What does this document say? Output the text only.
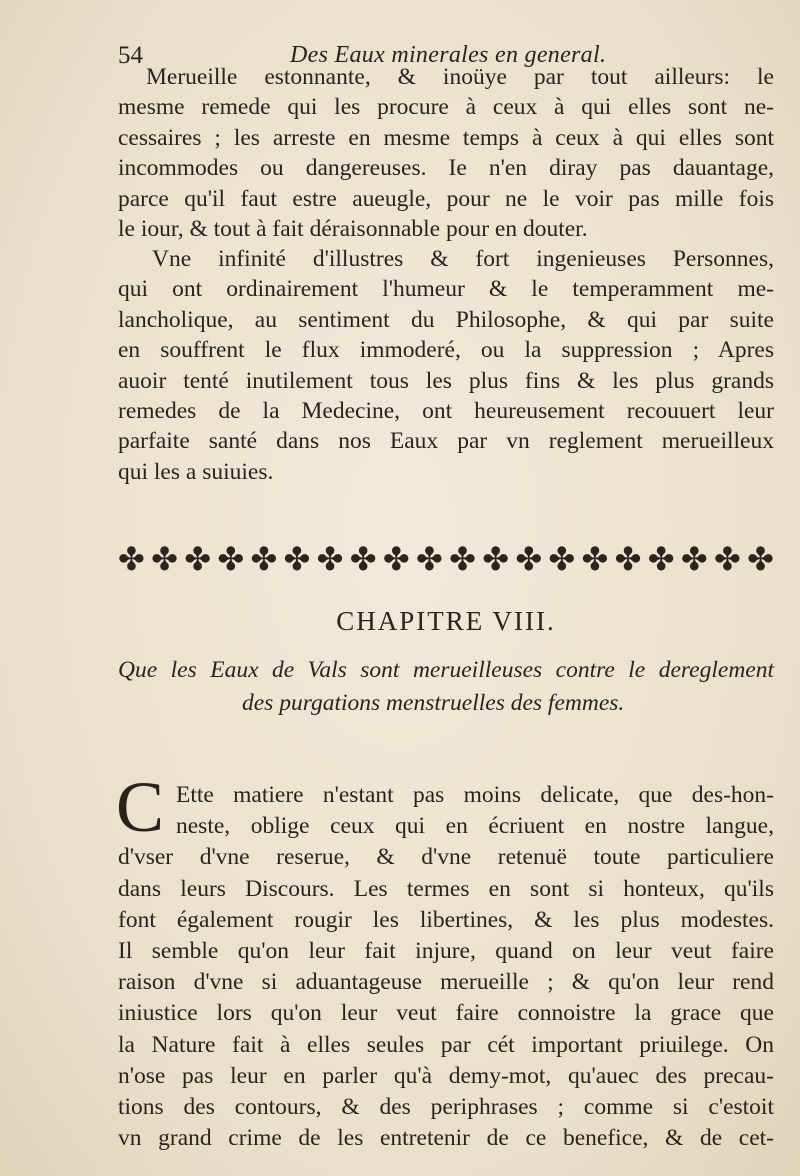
54	Des Eaux minerales en general.
Merueille estonnante, & inoüye par tout ailleurs: le
mesme remede qui les procure à ceux à qui elles sont ne-
cessaires ; les arreste en mesme temps à ceux à qui elles sont
incommodes ou dangereuses. Ie n'en diray pas dauantage,
parce qu'il faut estre aueugle, pour ne le voir pas mille fois
le iour, & tout à fait déraisonnable pour en douter.
Vne infinité d'illustres & fort ingenieuses Personnes,
qui ont ordinairement l'humeur & le temperamment me-
lancholique, au sentiment du Philosophe, & qui par suite
en souffrent le flux immoderé, ou la suppression ; Apres
auoir tenté inutilement tous les plus fins & les plus grands
remedes de la Medecine, ont heureusement recouuert leur
parfaite santé dans nos Eaux par vn reglement merueilleux
qui les a suiuies.
✤ ✤ ✤ ✤ ✤ ✤ ✤ ✤ ✤ ✤ ✤ ✤ ✤ ✤ ✤ ✤ ✤ ✤ ✤ ✤
CHAPITRE VIII.
Que les Eaux de Vals sont merueilleuses contre le dereglement
des purgations menstruelles des femmes.
C Ette matiere n'estant pas moins delicate, que des-hon-
neste, oblige ceux qui en écriuent en nostre langue,
d'vser d'vne reserue, & d'vne retenuë toute particuliere
dans leurs Discours. Les termes en sont si honteux, qu'ils
font également rougir les libertines, & les plus modestes.
Il semble qu'on leur fait injure, quand on leur veut faire
raison d'vne si aduantageuse merueille ; & qu'on leur rend
iniustice lors qu'on leur veut faire connoistre la grace que
la Nature fait à elles seules par cét important priuilege. On
n'ose pas leur en parler qu'à demy-mot, qu'auec des precau-
tions des contours, & des periphrases ; comme si c'estoit
vn grand crime de les entretenir de ce benefice, & de cet-
